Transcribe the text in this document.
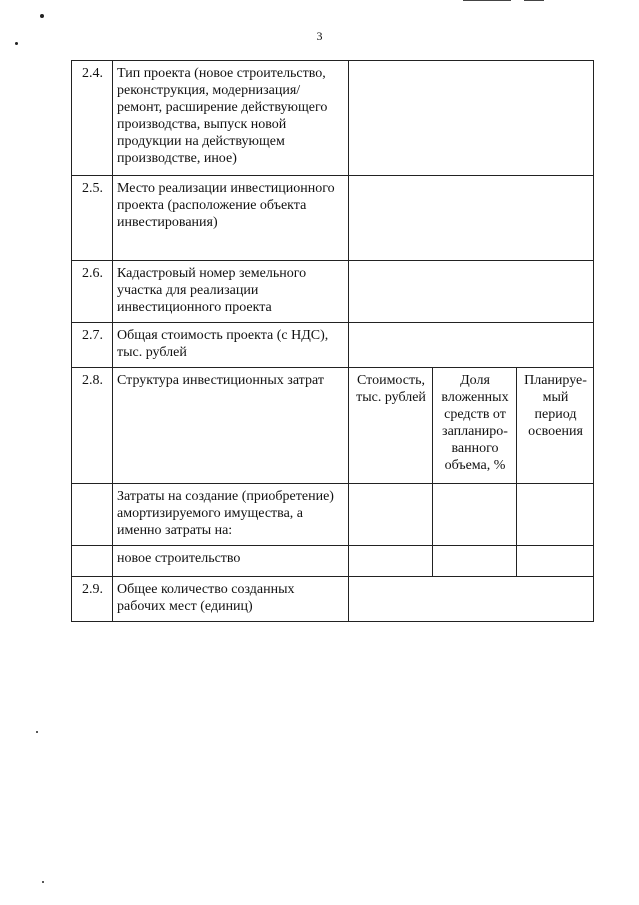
3
2.4.	Тип проекта (новое строительство, реконструкция, модернизация/ремонт, расширение действующего производства, выпуск новой продукции на действующем производстве, иное)			
2.5.	Место реализации инвестиционного проекта (расположение объекта инвестирования)			
2.6.	Кадастровый номер земельного участка для реализации инвестиционного проекта			
2.7.	Общая стоимость проекта (с НДС), тыс. рублей			
2.8.	Структура инвестиционных затрат	Стоимость, тыс. рублей	Доля вложенных средств от запланиро-ванного объема, %	Планируе-мый период освоения
	Затраты на создание (приобретение) амортизируемого имущества, а именно затраты на:			
	новое строительство			
2.9.	Общее количество созданных рабочих мест (единиц)			
